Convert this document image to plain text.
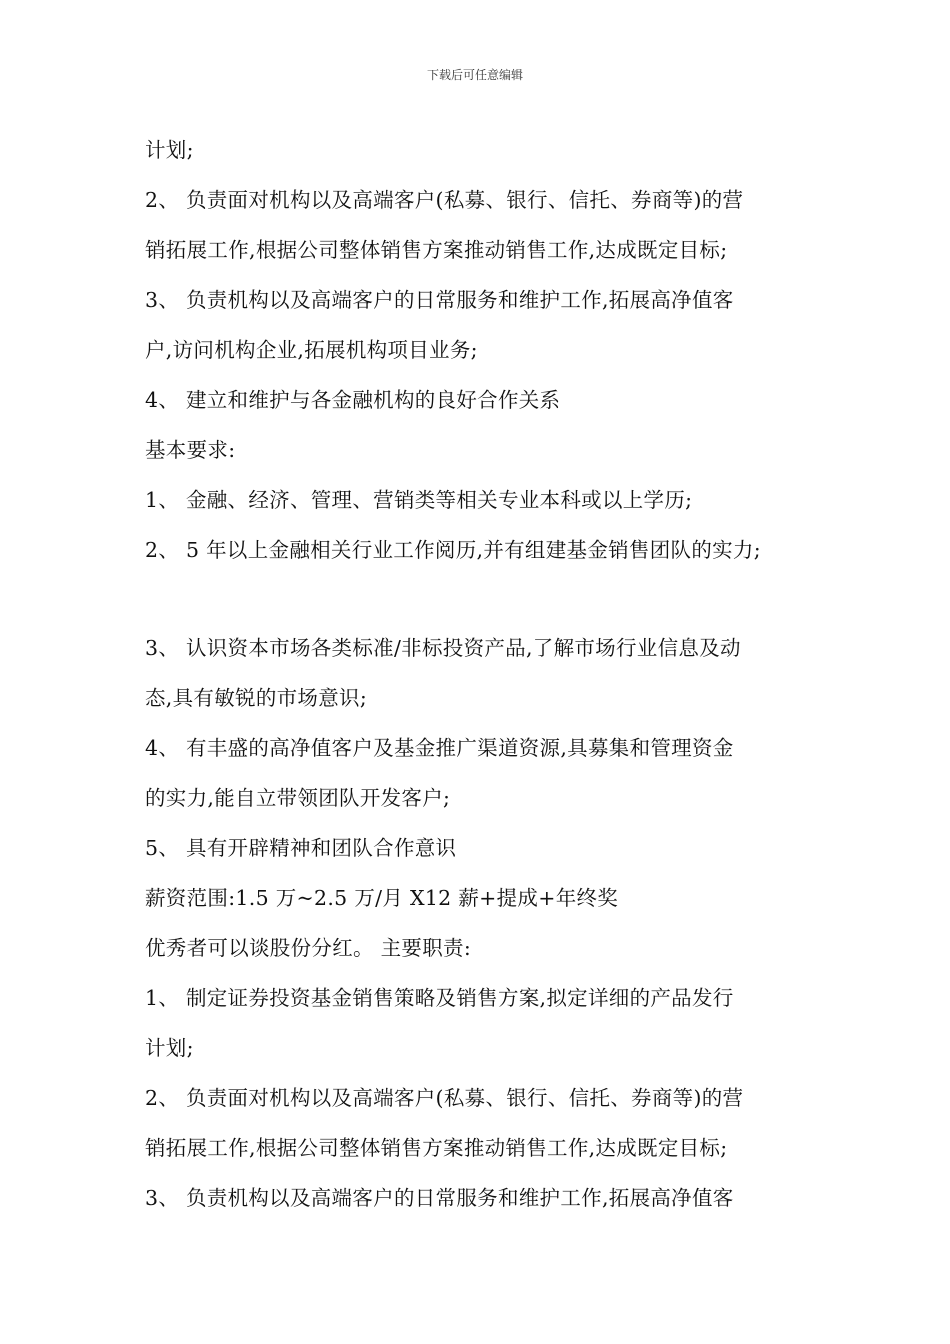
下载后可任意编辑
计划;
2、 负责面对机构以及高端客户(私募、银行、信托、券商等)的营
销拓展工作,根据公司整体销售方案推动销售工作,达成既定目标;
3、 负责机构以及高端客户的日常服务和维护工作,拓展高净值客
户,访问机构企业,拓展机构项目业务;
4、 建立和维护与各金融机构的良好合作关系
基本要求:
1、 金融、经济、管理、营销类等相关专业本科或以上学历;
2、 5 年以上金融相关行业工作阅历,并有组建基金销售团队的实力;
3、 认识资本市场各类标准/非标投资产品,了解市场行业信息及动
态,具有敏锐的市场意识;
4、 有丰盛的高净值客户及基金推广渠道资源,具募集和管理资金
的实力,能自立带领团队开发客户;
5、 具有开辟精神和团队合作意识
薪资范围:1.5 万~2.5 万/月 X12 薪+提成+年终奖
优秀者可以谈股份分红。 主要职责:
1、 制定证券投资基金销售策略及销售方案,拟定详细的产品发行
计划;
2、 负责面对机构以及高端客户(私募、银行、信托、券商等)的营
销拓展工作,根据公司整体销售方案推动销售工作,达成既定目标;
3、 负责机构以及高端客户的日常服务和维护工作,拓展高净值客
